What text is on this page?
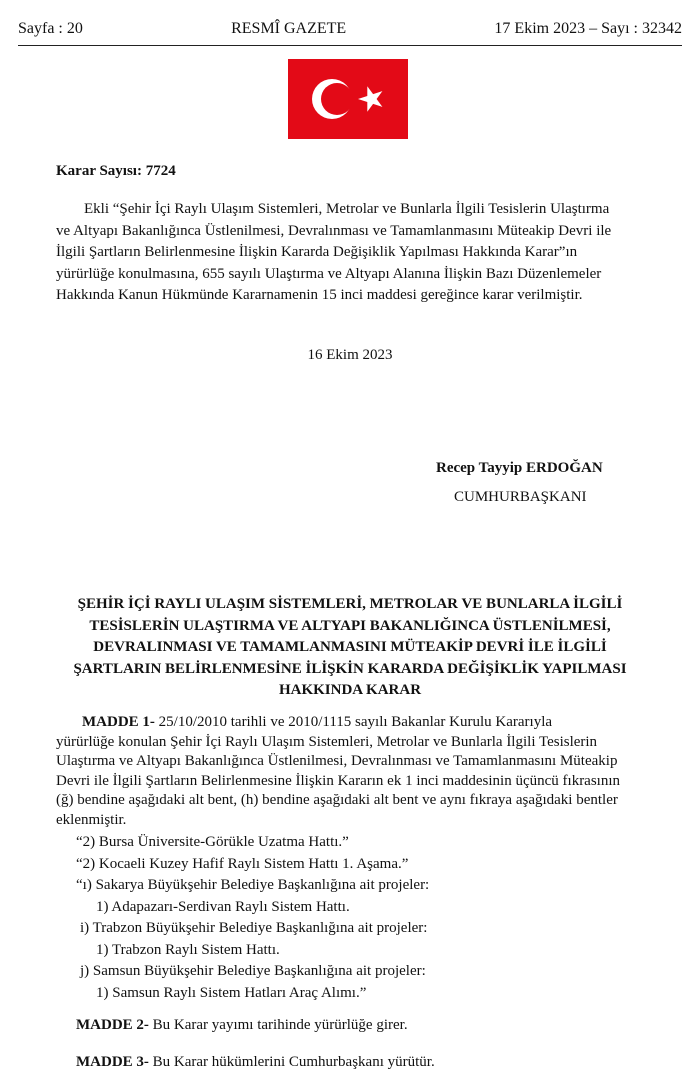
Sayfa : 20	RESMÎ GAZETE	17 Ekim 2023 – Sayı : 32342
Karar Sayısı: 7724
Ekli “Şehir İçi Raylı Ulaşım Sistemleri, Metrolar ve Bunlarla İlgili Tesislerin Ulaştırma
ve Altyapı Bakanlığınca Üstlenilmesi, Devralınması ve Tamamlanmasını Müteakip Devri ile
İlgili Şartların Belirlenmesine İlişkin Kararda Değişiklik Yapılması Hakkında Karar”ın
yürürlüğe konulmasına, 655 sayılı Ulaştırma ve Altyapı Alanına İlişkin Bazı Düzenlemeler
Hakkında Kanun Hükmünde Kararnamenin 15 inci maddesi gereğince karar verilmiştir.
16 Ekim 2023
Recep Tayyip ERDOĞAN
CUMHURBAŞKANI
ŞEHİR İÇİ RAYLI ULAŞIM SİSTEMLERİ, METROLAR VE BUNLARLA İLGİLİ
TESİSLERİN ULAŞTIRMA VE ALTYAPI BAKANLIĞINCA ÜSTLENİLMESİ,
DEVRALINMASI VE TAMAMLANMASINI MÜTEAKİP DEVRİ İLE İLGİLİ
ŞARTLARIN BELİRLENMESİNE İLİŞKİN KARARDA DEĞİŞİKLİK YAPILMASI
HAKKINDA KARAR
MADDE 1- 25/10/2010 tarihli ve 2010/1115 sayılı Bakanlar Kurulu Kararıyla
yürürlüğe konulan Şehir İçi Raylı Ulaşım Sistemleri, Metrolar ve Bunlarla İlgili Tesislerin
Ulaştırma ve Altyapı Bakanlığınca Üstlenilmesi, Devralınması ve Tamamlanmasını Müteakip
Devri ile İlgili Şartların Belirlenmesine İlişkin Kararın ek 1 inci maddesinin üçüncü fıkrasının
(ğ) bendine aşağıdaki alt bent, (h) bendine aşağıdaki alt bent ve aynı fıkraya aşağıdaki bentler
eklenmiştir.
“2) Bursa Üniversite-Görükle Uzatma Hattı.”
“2) Kocaeli Kuzey Hafif Raylı Sistem Hattı 1. Aşama.”
“ı) Sakarya Büyükşehir Belediye Başkanlığına ait projeler:
1) Adapazarı-Serdivan Raylı Sistem Hattı.
i) Trabzon Büyükşehir Belediye Başkanlığına ait projeler:
1) Trabzon Raylı Sistem Hattı.
j) Samsun Büyükşehir Belediye Başkanlığına ait projeler:
1) Samsun Raylı Sistem Hatları Araç Alımı.”
MADDE 2- Bu Karar yayımı tarihinde yürürlüğe girer.
MADDE 3- Bu Karar hükümlerini Cumhurbaşkanı yürütür.
